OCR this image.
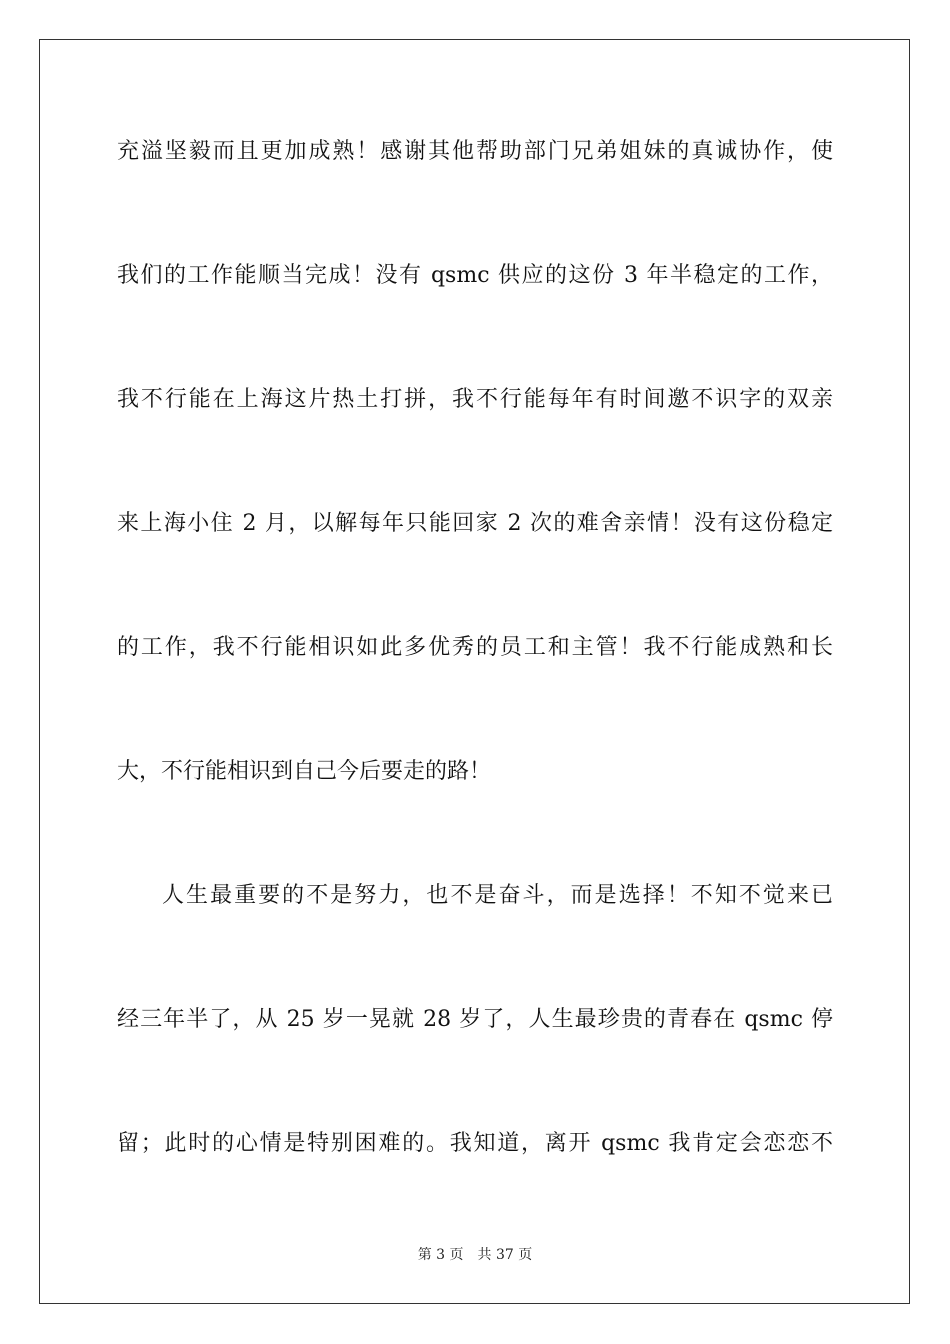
充溢坚毅而且更加成熟！感谢其他帮助部门兄弟姐妹的真诚协作，使
我们的工作能顺当完成！没有 qsmc 供应的这份 3 年半稳定的工作，
我不行能在上海这片热土打拼，我不行能每年有时间邀不识字的双亲
来上海小住 2 月，以解每年只能回家 2 次的难舍亲情！没有这份稳定
的工作，我不行能相识如此多优秀的员工和主管！我不行能成熟和长
大，不行能相识到自己今后要走的路！
人生最重要的不是努力，也不是奋斗，而是选择！不知不觉来已
经三年半了，从 25 岁一晃就 28 岁了，人生最珍贵的青春在 qsmc 停
留；此时的心情是特别困难的。我知道，离开 qsmc 我肯定会恋恋不
第 3 页 共 37 页
